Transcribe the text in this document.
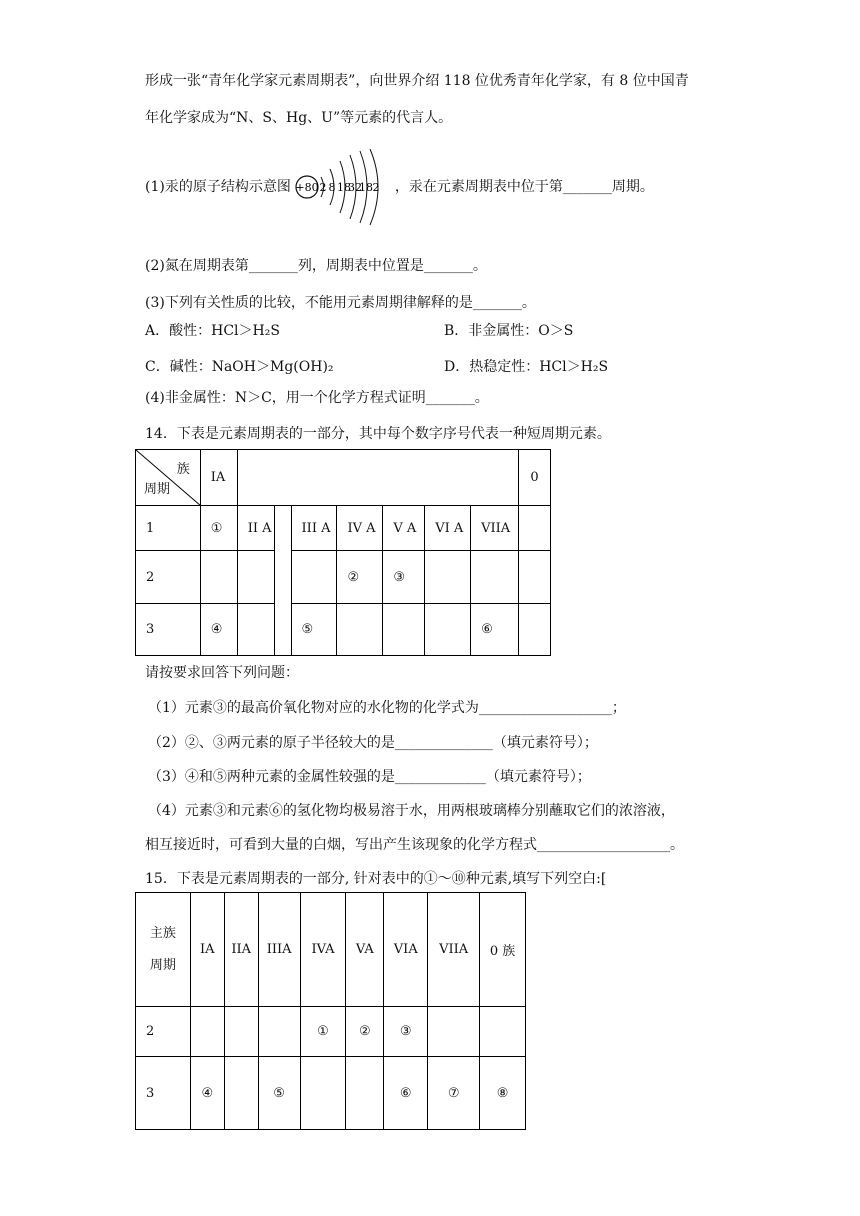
形成一张“青年化学家元素周期表”，向世界介绍 118 位优秀青年化学家，有 8 位中国青
年化学家成为“N、S、Hg、U”等元素的代言人。
(1)汞的原子结构示意图 +80 2 8 18
32
18 2 ，汞在元素周期表中位于第_______周期。
(2)氮在周期表第_______列，周期表中位置是_______。
(3)下列有关性质的比较，不能用元素周期律解释的是_______。
A．酸性：HCl＞H₂S	B．非金属性：O＞S
C．碱性：NaOH＞Mg(OH)₂	D．热稳定性：HCl＞H₂S
(4)非金属性：N＞C，用一个化学方程式证明_______。
14．下表是元素周期表的一部分，其中每个数字序号代表一种短周期元素。
族
周期	IA								0
1	①	II A		III A	IV A	V A	VI A	VIIA	
2					②	③			
3	④			⑤				⑥	
请按要求回答下列问题：
（1）元素③的最高价氧化物对应的水化物的化学式为___________________；
（2）②、③两元素的原子半径较大的是______________（填元素符号）；
（3）④和⑤两种元素的金属性较强的是_____________（填元素符号）；
（4）元素③和元素⑥的氢化物均极易溶于水，用两根玻璃棒分别蘸取它们的浓溶液，
相互接近时，可看到大量的白烟，写出产生该现象的化学方程式___________________。
15．下表是元素周期表的一部分, 针对表中的①～⑩种元素,填写下列空白:[
主族
周期	IA	IIA	IIIA	IVA	VA	VIA	VIIA	0 族
2				①	②	③		
3	④		⑤			⑥	⑦	⑧
